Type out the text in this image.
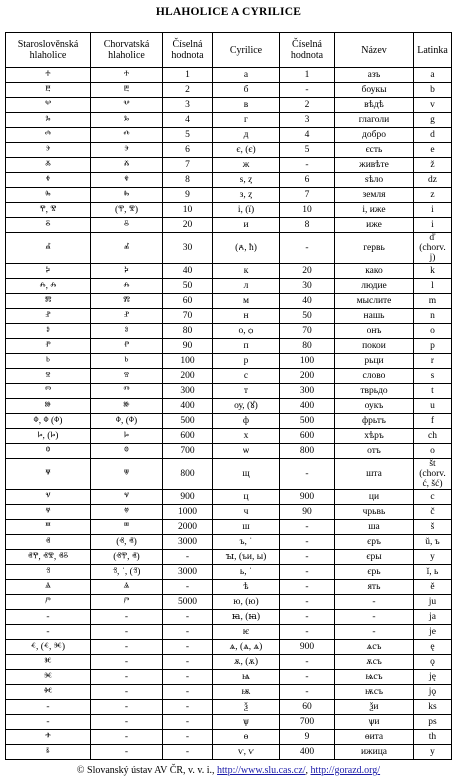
HLAHOLICE A CYRILICE
Staroslověnská hlaholice	Chorvatská hlaholice	Číselná hodnota	Cyrilice	Číselná hodnota	Název	Latinka
ⰰ	ⰰ	1	а	1	азъ	a
ⰱ	ⰱ	2	б	-	боукы	b
ⰲ	ⰲ	3	в	2	вѣдѣ	v
ⰳ	ⰳ	4	г	3	глаголи	g
ⰴ	ⰴ	5	д	4	добро	d
ⰵ	ⰵ	6	є, (є)	5	єсть	e
ⰶ	ⰶ	7	ж	-	живѣте	ž
ⰷ	ⰷ	8	ѕ, ȥ	6	ѕѣло	dz
ⰸ	ⰸ	9	з, ȥ	7	земля	z
ⰹ, ⰺ	(ⰹ, ⰺ)	10	і, (ї)	10	і, иже	i
ⰻ	ⰻ	20	и	8	иже	i
ⰼ	ⰼ	30	(ꙉ, ћ)	-	гервь	ď (chorv. j)
ⰽ	ⰽ	40	к	20	како	k
ⰾ, ⰾ	ⰾ	50	л	30	людие	l
ⰿ	ⰿ	60	м	40	мыслите	m
ⱀ	ⱀ	70	н	50	нашь	n
ⱁ	ⱁ	80	о, ѻ	70	онъ	o
ⱂ	ⱂ	90	п	80	покои	p
ⱃ	ⱃ	100	р	100	рьци	r
ⱄ	ⱄ	200	с	200	слово	s
ⱅ	ⱅ	300	т	300	тврьдо	t
ⱆ	ⱆ	400	оу, (ꙋ)	400	оукъ	u
ⱇ, ⱇ (ⱇ)	ⱇ, (ⱇ)	500	ф	500	фрьтъ	f
ⱈ, (ⱈ)	ⱈ	600	х	600	хѣръ	ch
ⱉ	ⱉ	700	ѡ	800	отъ	o
ⱋ	ⱋ	800	щ	-	шта	št (chorv. ć, šć)
ⱌ	ⱌ	900	ц	900	ци	c
ⱍ	ⱍ	1000	ч	90	чрьвь	č
ⱎ	ⱎ	2000	ш	-	ша	š
ⱏ	(ⱏ, ⱏ)	3000	ъ, ˈ	-	єръ	ŭ, ъ
ⱏⰹ, ⱏⰺ, ⱏⰻ	(ⱏⰹ, ⱏ)	-	ꙑ, (ъи, ы)	-	єры	y
ⱐ	ⱐ, ˈ, (ⱐ)	3000	ь, ˈ	-	єрь	ĭ, ь
ⱑ	ⱑ	-	ѣ	-	ять	ě
ⱓ	ⱓ	5000	ю, (ю)	-	-	ju
-	-	-	ꙗ, (ꙗ)	-	-	ja
-	-	-	ѥ	-	-	je
ⱔ, (ⱔ, ⱗ)	-	-	ѧ, (ѧ, ѧ)	900	ѧсъ	ę
ⱘ	-	-	ѫ, (ѫ)	-	ѫсъ	ǫ
ⱗ	-	-	ѩ	-	ѩсъ	ję
ⱙ	-	-	ѭ	-	ѭсъ	jǫ
-	-	-	ѯ	60	ѯи	ks
-	-	-	ѱ	700	ѱи	ps
ⱚ	-	-	ѳ	9	ѳита	th
ⱛ	-	-	ѵ, ѵ	400	ижица	y
© Slovanský ústav AV ČR, v. v. i., http://www.slu.cas.cz/, http://gorazd.org/
